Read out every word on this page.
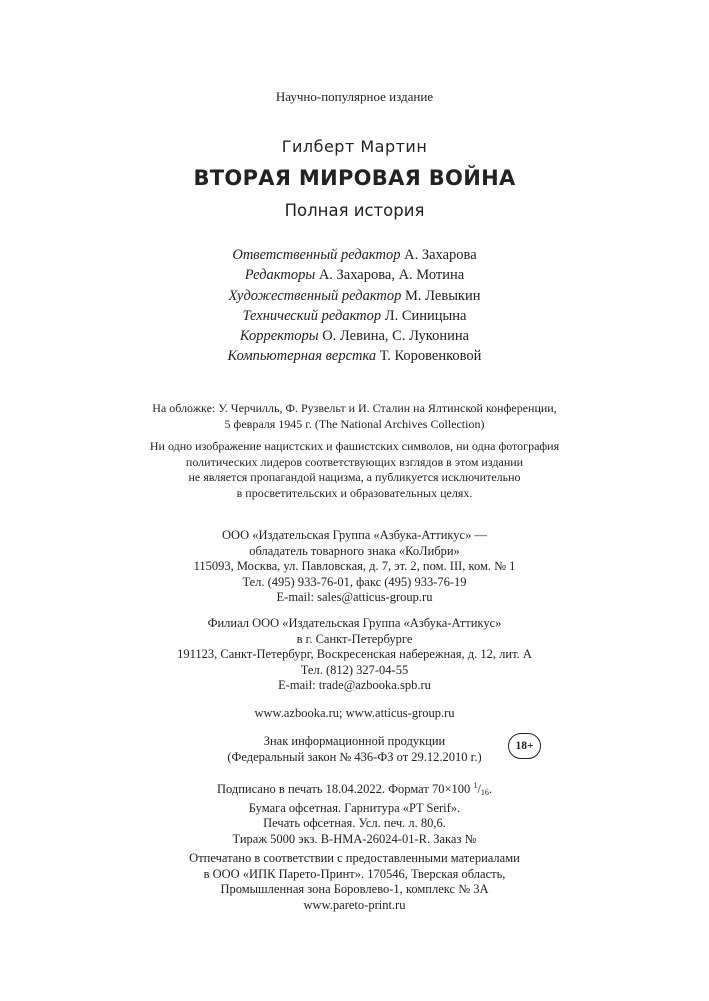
Научно-популярное издание
Гилберт Мартин
ВТОРАЯ МИРОВАЯ ВОЙНА
Полная история
Ответственный редактор А. Захарова
Редакторы А. Захарова, А. Мотина
Художественный редактор М. Левыкин
Технический редактор Л. Синицына
Корректоры О. Левина, С. Луконина
Компьютерная верстка Т. Коровенковой
На обложке: У. Черчилль, Ф. Рузвельт и И. Сталин на Ялтинской конференции,
5 февраля 1945 г. (The National Archives Collection)
Ни одно изображение нацистских и фашистских символов, ни одна фотография
политических лидеров соответствующих взглядов в этом издании
не является пропагандой нацизма, а публикуется исключительно
в просветительских и образовательных целях.
ООО «Издательская Группа «Азбука-Аттикус» —
обладатель товарного знака «КоЛибри»
115093, Москва, ул. Павловская, д. 7, эт. 2, пом. III, ком. № 1
Тел. (495) 933-76-01, факс (495) 933-76-19
E-mail: sales@atticus-group.ru
Филиал ООО «Издательская Группа «Азбука-Аттикус»
в г. Санкт-Петербурге
191123, Санкт-Петербург, Воскресенская набережная, д. 12, лит. А
Тел. (812) 327-04-55
E-mail: trade@azbooka.spb.ru
www.azbooka.ru; www.atticus-group.ru
Знак информационной продукции
(Федеральный закон № 436-ФЗ от 29.12.2010 г.)
18+
Подписано в печать 18.04.2022. Формат 70×100 $^1/_{16}$.
Бумага офсетная. Гарнитура «PT Serif».
Печать офсетная. Усл. печ. л. 80,6.
Тираж 5000 экз. B-HMA-26024-01-R. Заказ №
Отпечатано в соответствии с предоставленными материалами
в ООО «ИПК Парето-Принт». 170546, Тверская область,
Промышленная зона Боровлево-1, комплекс № 3А
www.pareto-print.ru
